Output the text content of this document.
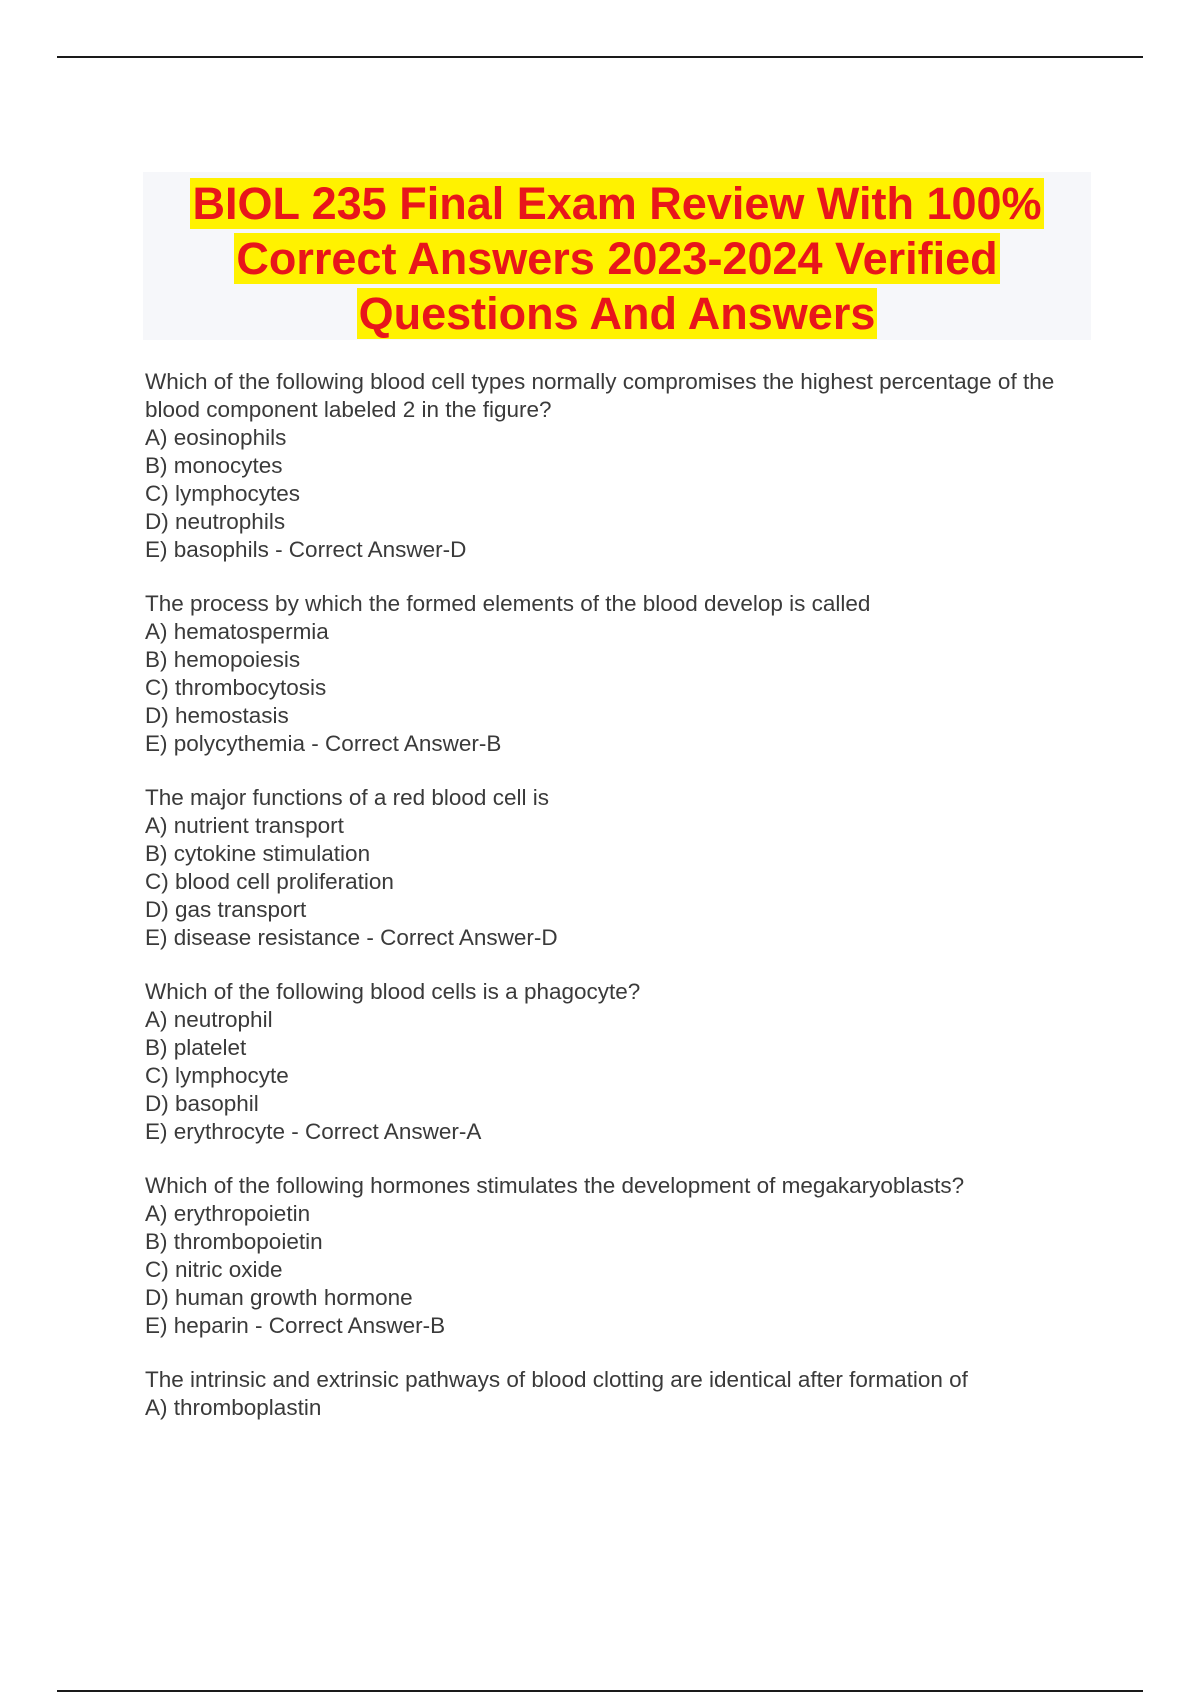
BIOL 235 Final Exam Review With 100%
Correct Answers 2023-2024 Verified
Questions And Answers
Which of the following blood cell types normally compromises the highest percentage of the blood component labeled 2 in the figure?
A) eosinophils
B) monocytes
C) lymphocytes
D) neutrophils
E) basophils - Correct Answer-D
The process by which the formed elements of the blood develop is called
A) hematospermia
B) hemopoiesis
C) thrombocytosis
D) hemostasis
E) polycythemia - Correct Answer-B
The major functions of a red blood cell is
A) nutrient transport
B) cytokine stimulation
C) blood cell proliferation
D) gas transport
E) disease resistance - Correct Answer-D
Which of the following blood cells is a phagocyte?
A) neutrophil
B) platelet
C) lymphocyte
D) basophil
E) erythrocyte - Correct Answer-A
Which of the following hormones stimulates the development of megakaryoblasts?
A) erythropoietin
B) thrombopoietin
C) nitric oxide
D) human growth hormone
E) heparin - Correct Answer-B
The intrinsic and extrinsic pathways of blood clotting are identical after formation of
A) thromboplastin
